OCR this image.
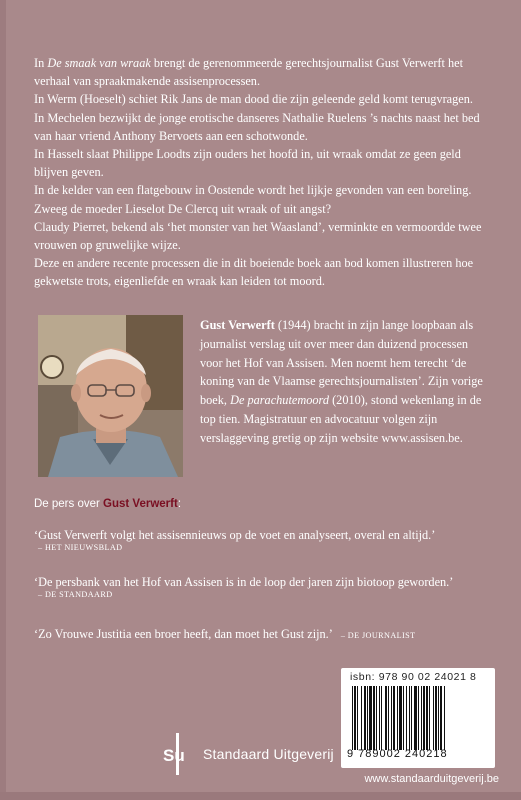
In De smaak van wraak brengt de gerenommeerde gerechtsjournalist Gust Verwerft het verhaal van spraakmakende assisenprocessen.

In Werm (Hoeselt) schiet Rik Jans de man dood die zijn geleende geld komt terugvragen.

In Mechelen bezwijkt de jonge erotische danseres Nathalie Ruelens ’s nachts naast het bed van haar vriend Anthony Bervoets aan een schotwonde.

In Hasselt slaat Philippe Loodts zijn ouders het hoofd in, uit wraak omdat ze geen geld blijven geven.

In de kelder van een flatgebouw in Oostende wordt het lijkje gevonden van een boreling. Zweeg de moeder Lieselot De Clercq uit wraak of uit angst?

Claudy Pierret, bekend als ‘het monster van het Waasland’, verminkte en vermoordde twee vrouwen op gruwelijke wijze.

Deze en andere recente processen die in dit boeiende boek aan bod komen illustreren hoe gekwetste trots, eigenliefde en wraak kan leiden tot moord.

Gust Verwerft (1944) bracht in zijn lange loopbaan als journalist verslag uit over meer dan duizend processen voor het Hof van Assisen. Men noemt hem terecht ‘de koning van de Vlaamse gerechtsjournalisten’. Zijn vorige boek, De parachutemoord (2010), stond wekenlang in de top tien. Magistratuur en advocatuur volgen zijn verslaggeving gretig op zijn website www.assisen.be.

De pers over Gust Verwerft:
‘Gust Verwerft volgt het assisennieuws op de voet en analyseert, overal en altijd.’
– HET NIEUWSBLAD
‘De persbank van het Hof van Assisen is in de loop der jaren zijn biotoop geworden.’
– DE STANDAARD
‘Zo Vrouwe Justitia een broer heeft, dan moet het Gust zijn.’ – DE JOURNALIST
isbn: 978 90 02 24021 8
9 789002 240218
Su Standaard Uitgeverij
www.standaarduitgeverij.be
